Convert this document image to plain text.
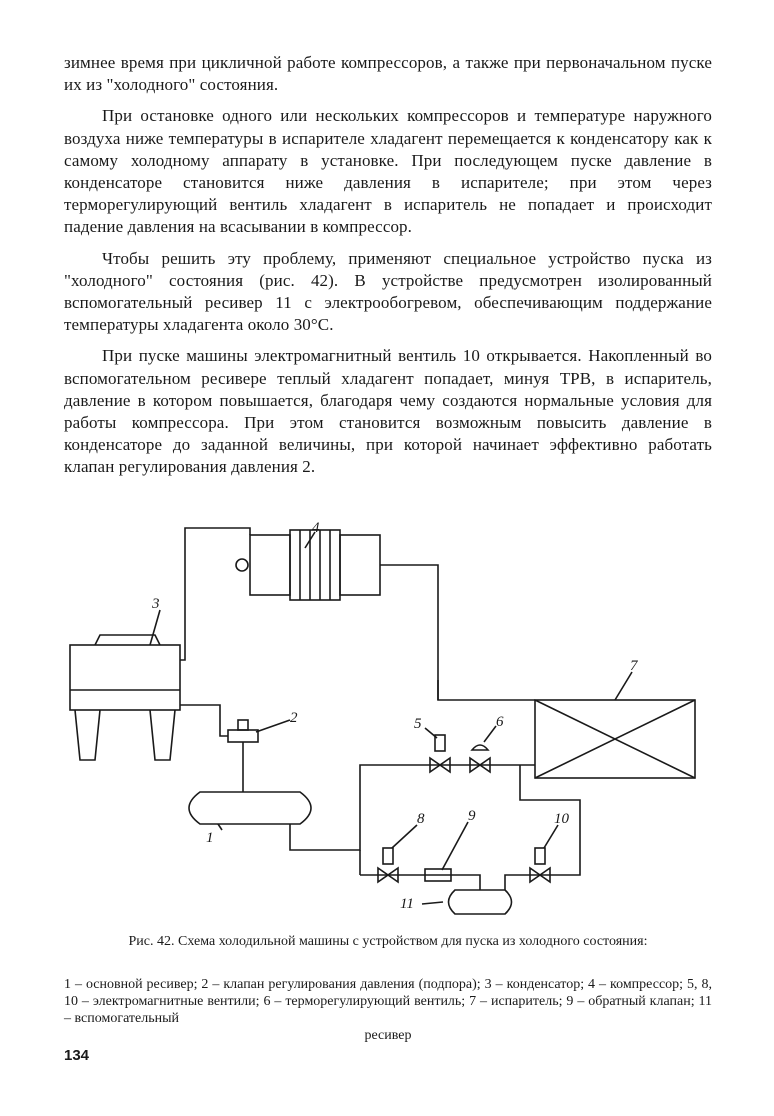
зимнее время при цикличной работе компрессоров, а также при первоначальном пуске их из "холодного" состояния.

При остановке одного или нескольких компрессоров и температуре наружного воздуха ниже температуры в испарителе хладагент перемещается к конденсатору как к самому холодному аппарату в установке. При последующем пуске давление в конденсаторе становится ниже давления в испарителе; при этом через терморегулирующий вентиль хладагент в испаритель не попадает и происходит падение давления на всасывании в компрессор.

Чтобы решить эту проблему, применяют специальное устройство пуска из "холодного" состояния (рис. 42). В устройстве предусмотрен изолированный вспомогательный ресивер 11 с электрообогревом, обеспечивающим поддержание температуры хладагента около 30°С.

При пуске машины электромагнитный вентиль 10 открывается. Накопленный во вспомогательном ресивере теплый хладагент попадает, минуя ТРВ, в испаритель, давление в котором повышается, благодаря чему создаются нормальные условия для работы компрессора. При этом становится возможным повысить давление в конденсаторе до заданной величины, при которой начинает эффективно работать клапан регулирования давления 2.

3
4
2
7
5	6
1
8	9	10
11
Рис. 42. Схема холодильной машины с устройством для пуска из холодного состояния:
1 – основной ресивер; 2 – клапан регулирования давления (подпора); 3 – конденсатор; 4 – компрессор; 5, 8, 10 – электромагнитные вентили; 6 – терморегулирующий вентиль; 7 – испаритель; 9 – обратный клапан; 11 – вспомогательный
ресивер
134
